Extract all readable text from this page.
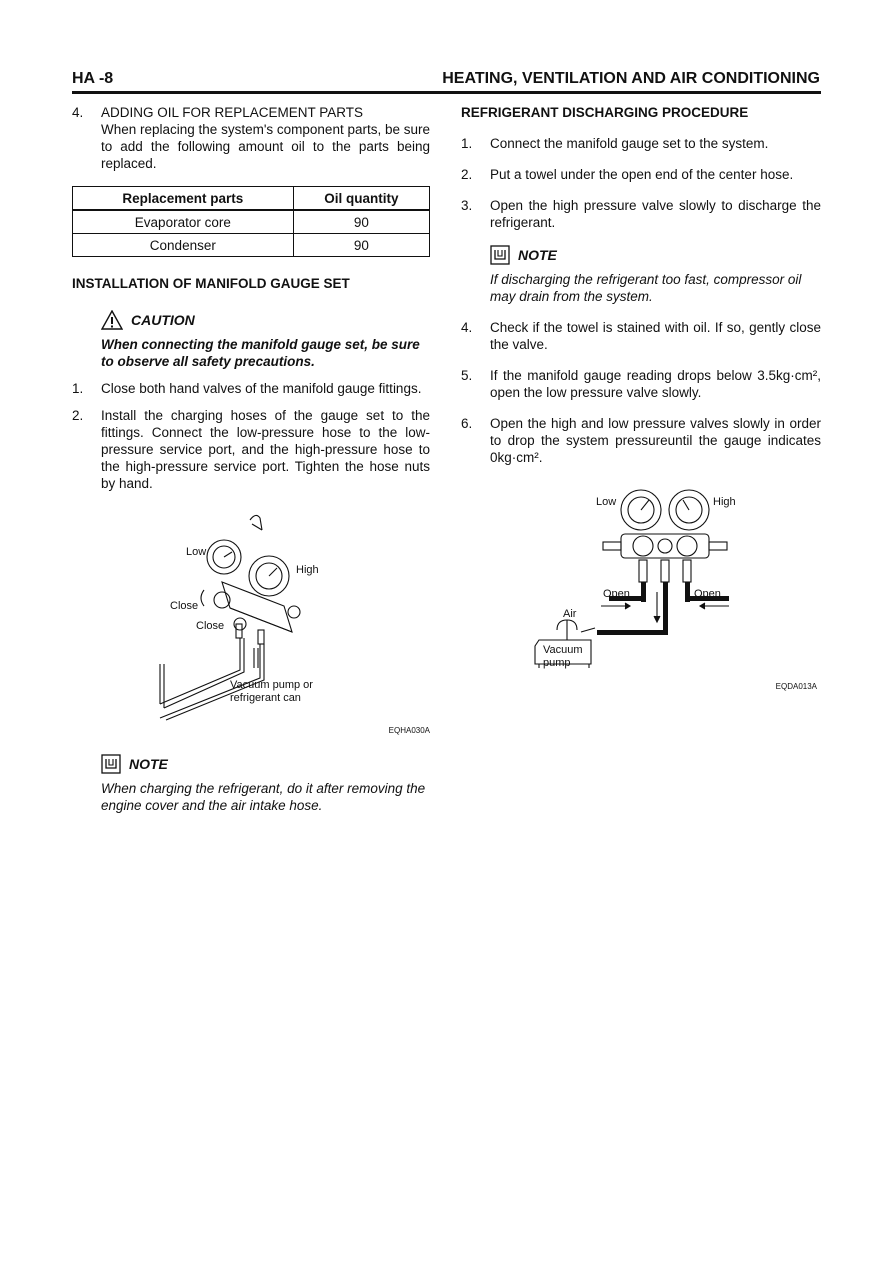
HA -8	HEATING, VENTILATION AND AIR CONDITIONING
4. ADDING OIL FOR REPLACEMENT PARTS

When replacing the system's component parts, be sure to add the following amount oil to the parts being replaced.

Replacement parts	Oil quantity
Evaporator core	90
Condenser	90
INSTALLATION OF MANIFOLD GAUGE SET
CAUTION
When connecting the manifold gauge set, be sure to observe all safety precautions.
1. Close both hand valves of the manifold gauge fittings.

2. Install the charging hoses of the gauge set to the fittings. Connect the low-pressure hose to the low-pressure service port, and the high-pressure hose to the high-pressure service port. Tighten the hose nuts by hand.

Low
High
Close
Close
Vacuum pump or
refrigerant can
EQHA030A
NOTE
When charging the refrigerant, do it after removing the engine cover and the air intake hose.
REFRIGERANT DISCHARGING PROCEDURE
1. Connect the manifold gauge set to the system.

2. Put a towel under the open end of the center hose.

3. Open the high pressure valve slowly to discharge the refrigerant.

NOTE
If discharging the refrigerant too fast, compressor oil may drain from the system.
4. Check if the towel is stained with oil. If so, gently close the valve.

5. If the manifold gauge reading drops below 3.5kg·cm², open the low pressure valve slowly.

6. Open the high and low pressure valves slowly in order to drop the system pressureuntil the gauge indicates 0kg·cm².

Low	High
Open	Open
Air
Vacuum
pump
EQDA013A
